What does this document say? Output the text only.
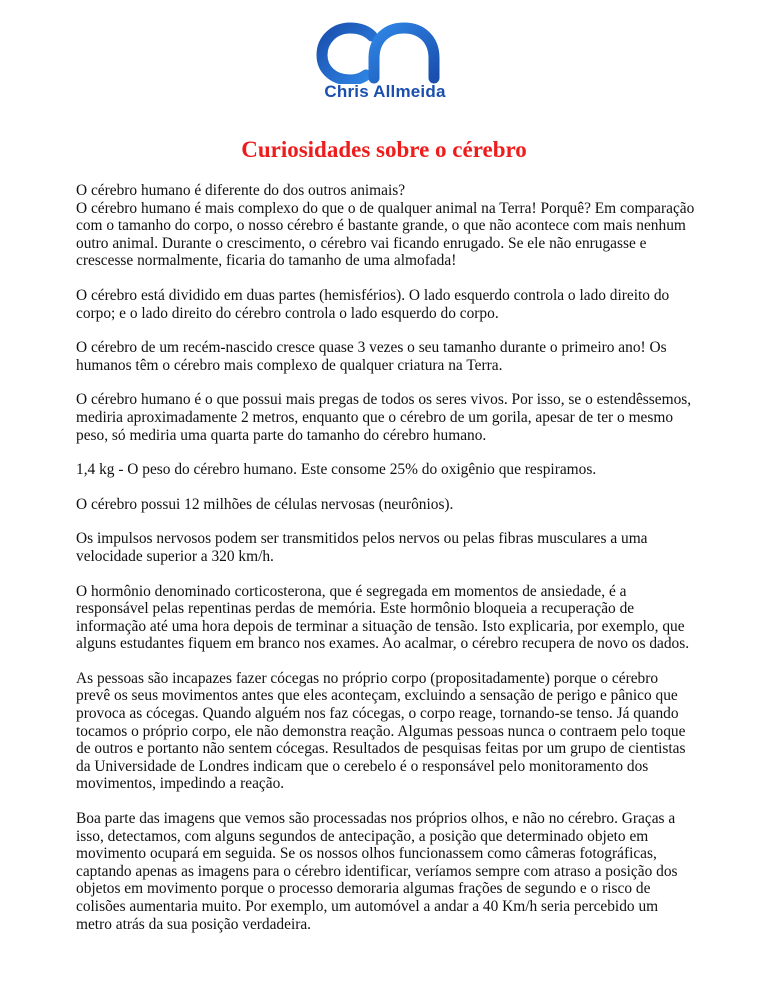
Chris Allmeida
Curiosidades sobre o cérebro

O cérebro humano é diferente do dos outros animais?
O cérebro humano é mais complexo do que o de qualquer animal na Terra! Porquê? Em comparação com o tamanho do corpo, o nosso cérebro é bastante grande, o que não acontece com mais nenhum outro animal. Durante o crescimento, o cérebro vai ficando enrugado. Se ele não enrugasse e crescesse normalmente, ficaria do tamanho de uma almofada!

O cérebro está dividido em duas partes (hemisférios). O lado esquerdo controla o lado direito do corpo; e o lado direito do cérebro controla o lado esquerdo do corpo.

O cérebro de um recém-nascido cresce quase 3 vezes o seu tamanho durante o primeiro ano! Os humanos têm o cérebro mais complexo de qualquer criatura na Terra.

O cérebro humano é o que possui mais pregas de todos os seres vivos. Por isso, se o estendêssemos, mediria aproximadamente 2 metros, enquanto que o cérebro de um gorila, apesar de ter o mesmo peso, só mediria uma quarta parte do tamanho do cérebro humano.

1,4 kg - O peso do cérebro humano. Este consome 25% do oxigênio que respiramos.

O cérebro possui 12 milhões de células nervosas (neurônios).

Os impulsos nervosos podem ser transmitidos pelos nervos ou pelas fibras musculares a uma velocidade superior a 320 km/h.

O hormônio denominado corticosterona, que é segregada em momentos de ansiedade, é a responsável pelas repentinas perdas de memória. Este hormônio bloqueia a recuperação de informação até uma hora depois de terminar a situação de tensão. Isto explicaria, por exemplo, que alguns estudantes fiquem em branco nos exames. Ao acalmar, o cérebro recupera de novo os dados.

As pessoas são incapazes fazer cócegas no próprio corpo (propositadamente) porque o cérebro prevê os seus movimentos antes que eles aconteçam, excluindo a sensação de perigo e pânico que provoca as cócegas. Quando alguém nos faz cócegas, o corpo reage, tornando-se tenso. Já quando tocamos o próprio corpo, ele não demonstra reação. Algumas pessoas nunca o contraem pelo toque de outros e portanto não sentem cócegas. Resultados de pesquisas feitas por um grupo de cientistas da Universidade de Londres indicam que o cerebelo é o responsável pelo monitoramento dos movimentos, impedindo a reação.

Boa parte das imagens que vemos são processadas nos próprios olhos, e não no cérebro. Graças a isso, detectamos, com alguns segundos de antecipação, a posição que determinado objeto em movimento ocupará em seguida. Se os nossos olhos funcionassem como câmeras fotográficas, captando apenas as imagens para o cérebro identificar, veríamos sempre com atraso a posição dos objetos em movimento porque o processo demoraria algumas frações de segundo e o risco de colisões aumentaria muito. Por exemplo, um automóvel a andar a 40 Km/h seria percebido um metro atrás da sua posição verdadeira.
